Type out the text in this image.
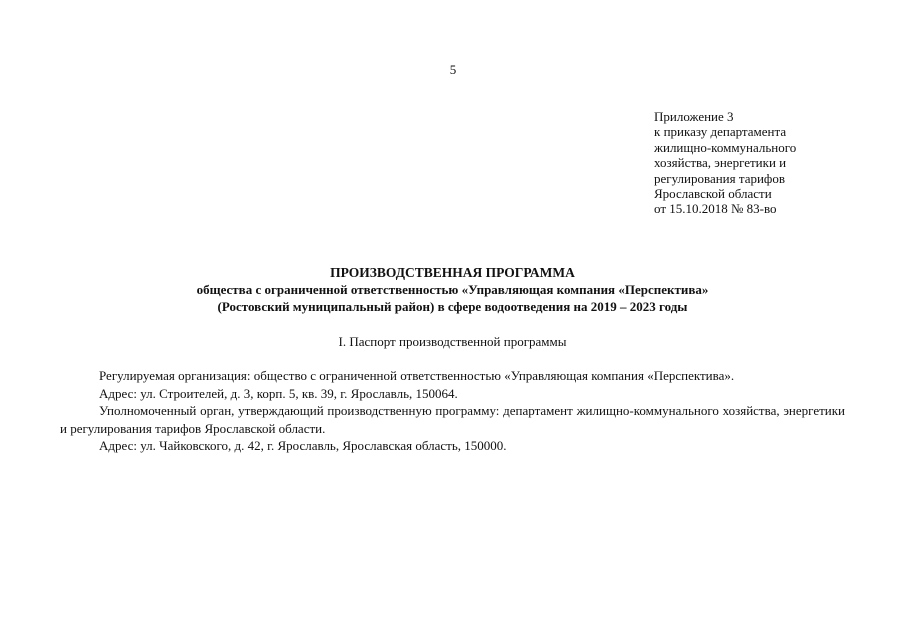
5
Приложение 3
к приказу департамента
жилищно-коммунального
хозяйства, энергетики и
регулирования тарифов
Ярославской области
от 15.10.2018 № 83-во
ПРОИЗВОДСТВЕННАЯ ПРОГРАММА
общества с ограниченной ответственностью «Управляющая компания «Перспектива»
(Ростовский муниципальный район) в сфере водоотведения на 2019 – 2023 годы
I. Паспорт производственной программы

Регулируемая организация: общество с ограниченной ответственностью «Управляющая компания «Перспектива».

Адрес: ул. Строителей, д. 3, корп. 5, кв. 39, г. Ярославль, 150064.

Уполномоченный орган, утверждающий производственную программу: департамент жилищно-коммунального хозяйства, энергетики и регулирования тарифов Ярославской области.

Адрес: ул. Чайковского, д. 42, г. Ярославль, Ярославская область, 150000.
